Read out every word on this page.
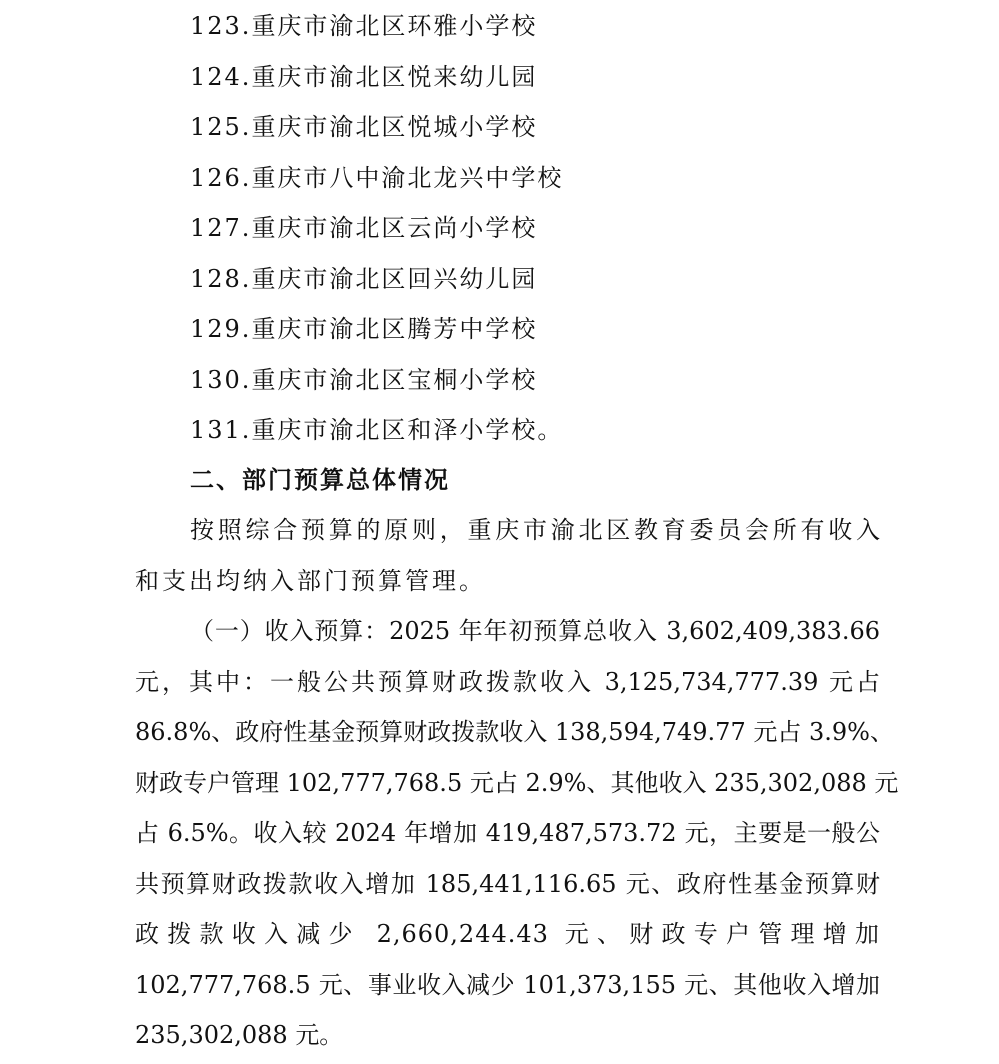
123.重庆市渝北区环雅小学校
124.重庆市渝北区悦来幼儿园
125.重庆市渝北区悦城小学校
126.重庆市八中渝北龙兴中学校
127.重庆市渝北区云尚小学校
128.重庆市渝北区回兴幼儿园
129.重庆市渝北区腾芳中学校
130.重庆市渝北区宝桐小学校
131.重庆市渝北区和泽小学校。
二、部门预算总体情况
按照综合预算的原则，重庆市渝北区教育委员会所有收入
和支出均纳入部门预算管理。
（一）收入预算：2025 年年初预算总收入 3,602,409,383.66
元，其中：一般公共预算财政拨款收入 3,125,734,777.39 元占
86.8%、政府性基金预算财政拨款收入 138,594,749.77 元占 3.9%、
财政专户管理 102,777,768.5 元占 2.9%、其他收入 235,302,088 元
占 6.5%。收入较 2024 年增加 419,487,573.72 元，主要是一般公
共预算财政拨款收入增加 185,441,116.65 元、政府性基金预算财
政拨款收入减少 2,660,244.43 元、财政专户管理增加
102,777,768.5 元、事业收入减少 101,373,155 元、其他收入增加
235,302,088 元。
